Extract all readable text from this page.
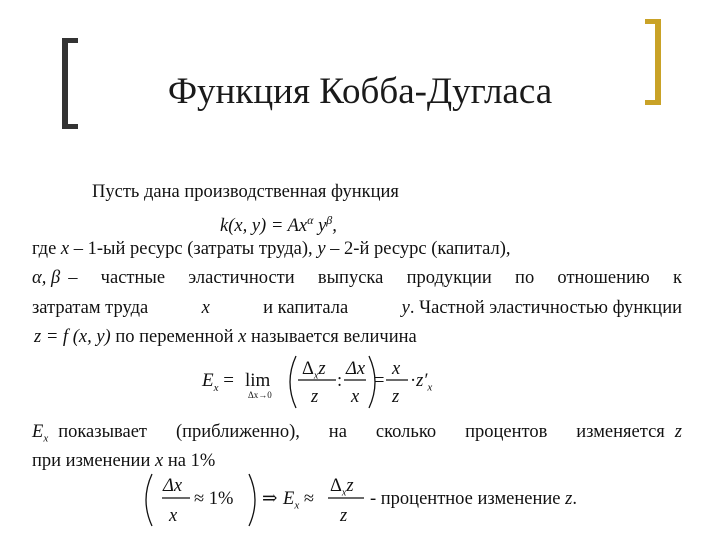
Функция Кобба-Дугласа
Пусть дана производственная функция
k(x, $y) = Ax^\alpha$ $y^\beta$,
где x – 1-ый ресурс (затраты труда), y – 2-й ресурс (капитал),
α, β – частные эластичности выпуска продукции по отношению к
затратам труда	x	и капитала	y. Частной эластичностью функции
z = f (x, y) по переменной x называется величина
$E_x = \lim$
Δx→0
$\Delta_xz$
z
:
Δx
x
=
x
z
$\cdot z'_x$
$E_x$ показывает (приближенно), на сколько процентов изменяется z
при изменении x на 1%
Δx
x
≈ 1% ⇒ $E_x$ ≈
$\Delta_xz$
z
- процентное изменение z.
